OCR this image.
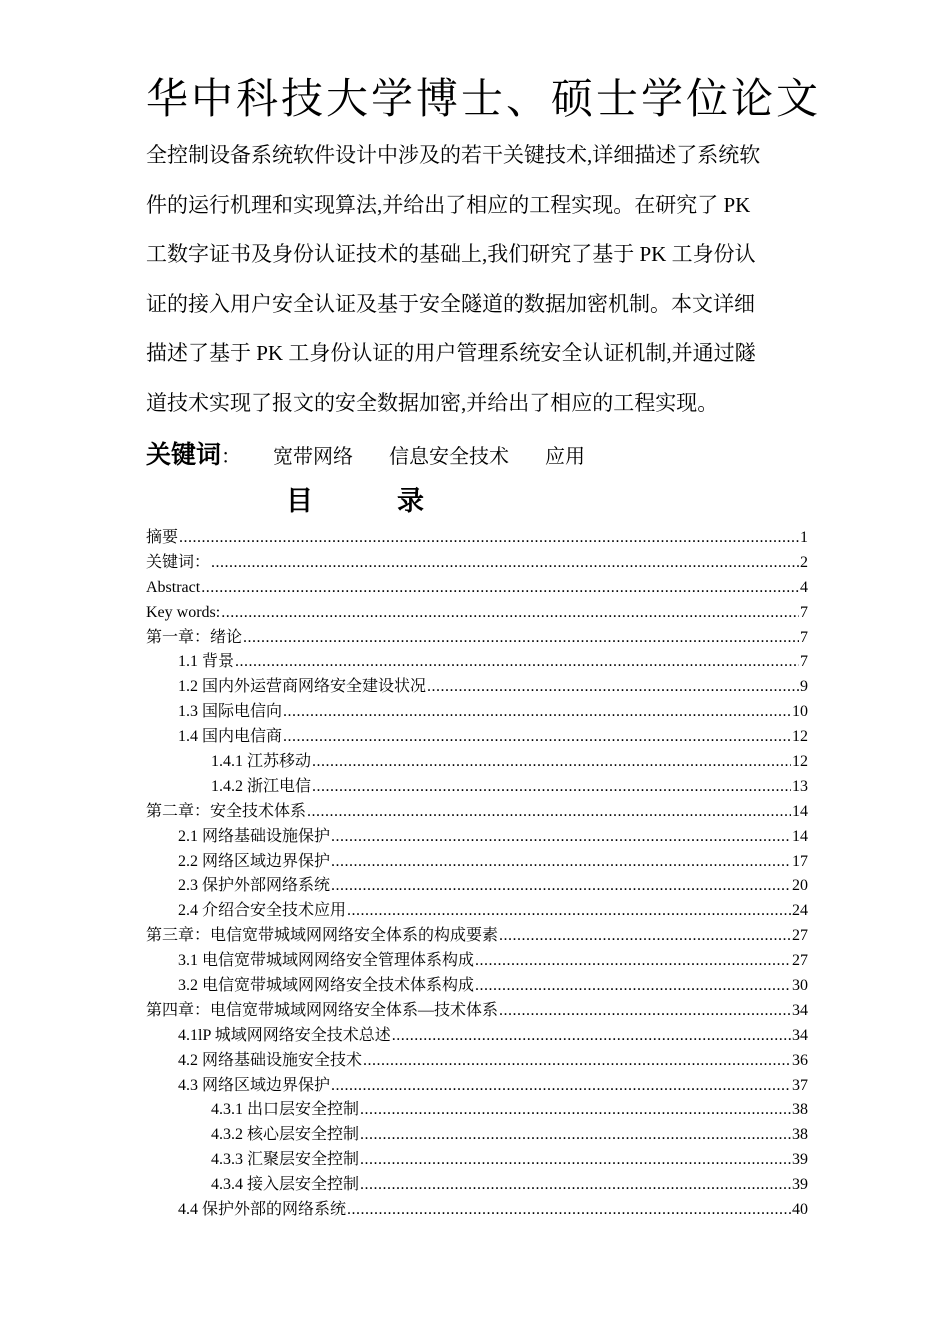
华中科技大学博士、硕士学位论文
全控制设备系统软件设计中涉及的若干关键技术,详细描述了系统软
件的运行机理和实现算法,并给出了相应的工程实现。在研究了 PK
工数字证书及身份认证技术的基础上,我们研究了基于 PK 工身份认
证的接入用户安全认证及基于安全隧道的数据加密机制。本文详细
描述了基于 PK 工身份认证的用户管理系统安全认证机制,并通过隧
道技术实现了报文的安全数据加密,并给出了相应的工程实现。
关键词： 宽带网络 信息安全技术 应用
目	录
摘要 .....	1
关键词： .....	2
Abstract .....	4
Key words: .....	7
第一章：绪论 .....	7
1.1 背景 .....	7
1.2 国内外运营商网络安全建设状况 .....	9
1.3 国际电信向 .....	10
1.4 国内电信商 .....	12
1.4.1 江苏移动 .....	12
1.4.2 浙江电信 .....	13
第二章：安全技术体系 .....	14
2.1 网络基础设施保护 .....	14
2.2 网络区域边界保护 .....	17
2.3 保护外部网络系统 .....	20
2.4 介绍合安全技术应用 .....	24
第三章：电信宽带城域网网络安全体系的构成要素 .....	27
3.1 电信宽带城域网网络安全管理体系构成 .....	27
3.2 电信宽带城域网网络安全技术体系构成 .....	30
第四章：电信宽带城域网网络安全体系—技术体系 .....	34
4.1lP 城域网网络安全技术总述 .....	34
4.2 网络基础设施安全技术 .....	36
4.3 网络区域边界保护 .....	37
4.3.1 出口层安全控制 .....	38
4.3.2 核心层安全控制 .....	38
4.3.3 汇聚层安全控制 .....	39
4.3.4 接入层安全控制 .....	39
4.4 保护外部的网络系统 .....	40
